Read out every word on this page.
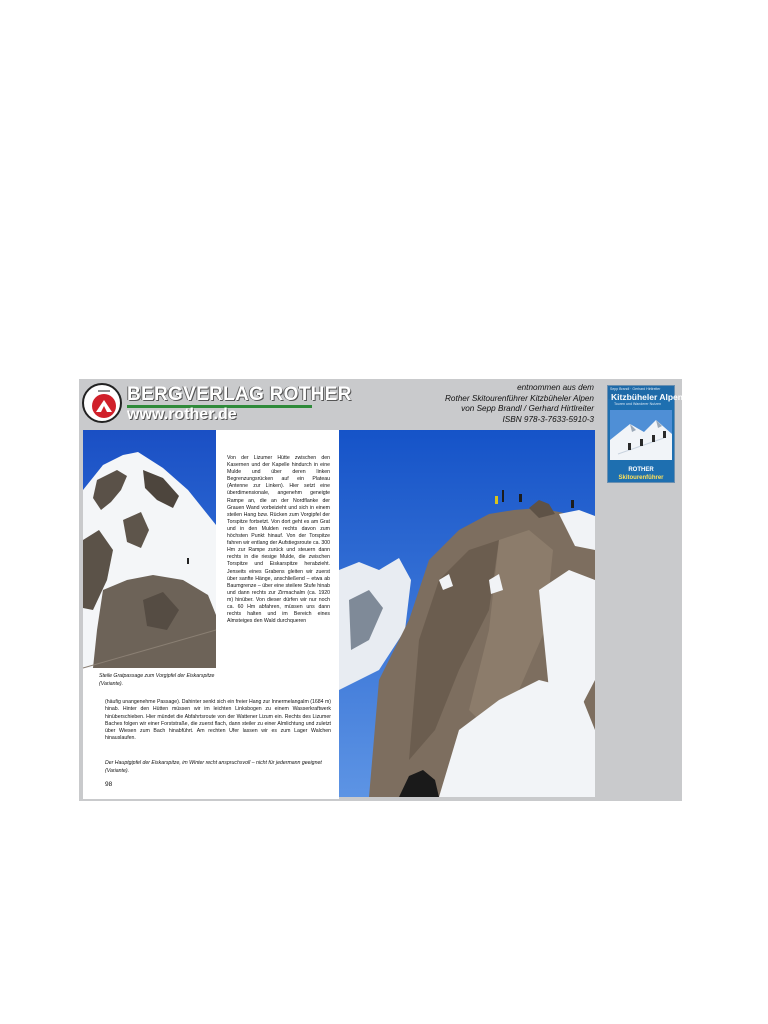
BERGVERLAG ROTHER
www.rother.de
entnommen aus dem
Rother Skitourenführer Kitzbüheler Alpen
von Sepp Brandl / Gerhard Hirtlreiter
ISBN 978-3-7633-5910-3
Sepp Brandl · Gerhard Hirtlreiter
Kitzbüheler Alpen
Touren und Wanderer Nutzen
ROTHER
Skitourenführer
Steile Gratpassage zum Vorgipfel der Eiskarspitze (Variante).
Von der Lizumer Hütte zwischen den Kasernen und der Kapelle hindurch in eine Mulde und über deren linken Begrenzungsrücken auf ein Plateau (Antenne zur Linken). Hier setzt eine überdimensionale, angenehm geneigte Rampe an, die an der Nordflanke der Grauen Wand vorbeizieht und sich in einem steilen Hang bzw. Rücken zum Vorgipfel der Torspitze fortsetzt. Von dort geht es am Grat und in den Mulden rechts davon zum höchsten Punkt hinauf. Von der Torspitze fahren wir entlang der Aufstiegsroute ca. 300 Hm zur Rampe zurück und steuern dann rechts in die riesige Mulde, die zwischen Torspitze und Eiskarspitze herabzieht. Jenseits eines Grabens gleiten wir zuerst über sanfte Hänge, anschließend – etwa ab Baumgrenze – über eine steilere Stufe hinab und dann rechts zur Zirmachalm (ca. 1920 m) hinüber. Von dieser dürfen wir nur noch ca. 60 Hm abfahren, müssen uns dann rechts halten und im Bereich eines Almsteiges den Wald durchqueren
(häufig unangenehme Passage). Dahinter senkt sich ein freier Hang zur Innermelangalm (1684 m) hinab. Hinter den Hütten müssen wir im leichten Linksbogen zu einem Wasserkraftwerk hinüberschieben. Hier mündet die Abfahrtsroute von der Wattener Lizum ein. Rechts des Lizumer Baches folgen wir einer Forststraße, die zuerst flach, dann steiler zu einer Almlichtung und zuletzt über Wiesen zum Bach hinabführt. Am rechten Ufer lassen wir es zum Lager Walchen hinauslaufen.
Der Hauptgipfel der Eiskarspitze, im Winter recht anspruchsvoll – nicht für jedermann geeignet (Variante).
98
